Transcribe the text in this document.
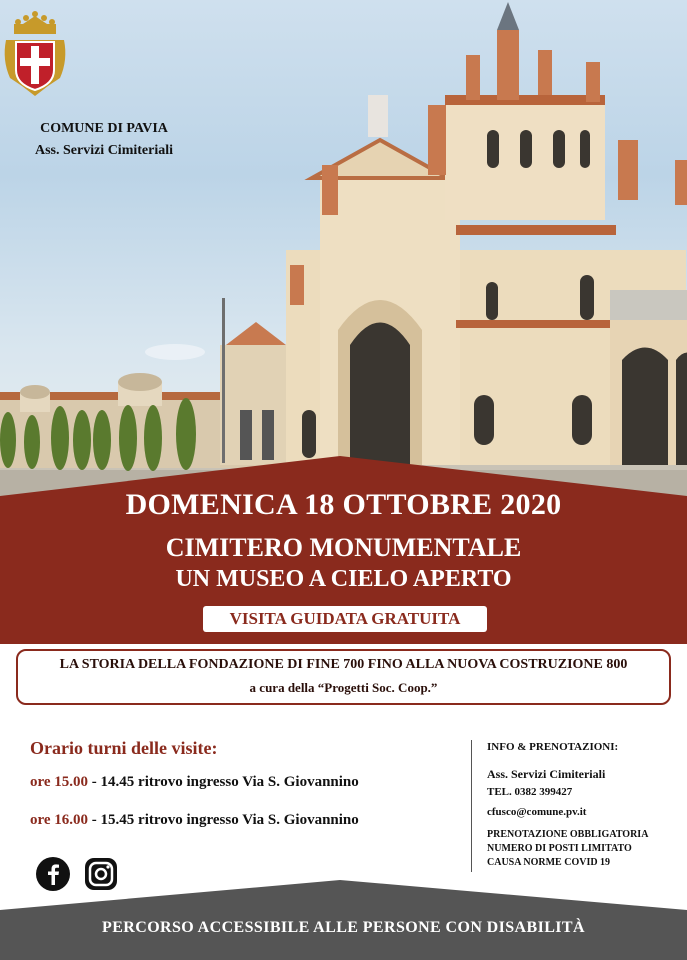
COMUNE DI PAVIA
Ass. Servizi Cimiteriali
DOMENICA 18 OTTOBRE 2020
CIMITERO MONUMENTALE
UN MUSEO A CIELO APERTO
VISITA GUIDATA GRATUITA
LA STORIA DELLA FONDAZIONE DI FINE 700 FINO ALLA NUOVA COSTRUZIONE 800
a cura della “Progetti Soc. Coop.”
Orario turni delle visite:
ore 15.00 - 14.45 ritrovo ingresso Via S. Giovannino
ore 16.00 - 15.45 ritrovo ingresso Via S. Giovannino
INFO & PRENOTAZIONI:
Ass. Servizi Cimiteriali
TEL. 0382 399427
cfusco@comune.pv.it
PRENOTAZIONE OBBLIGATORIA
NUMERO DI POSTI LIMITATO
CAUSA NORME COVID 19
PERCORSO ACCESSIBILE ALLE PERSONE CON DISABILITÀ
